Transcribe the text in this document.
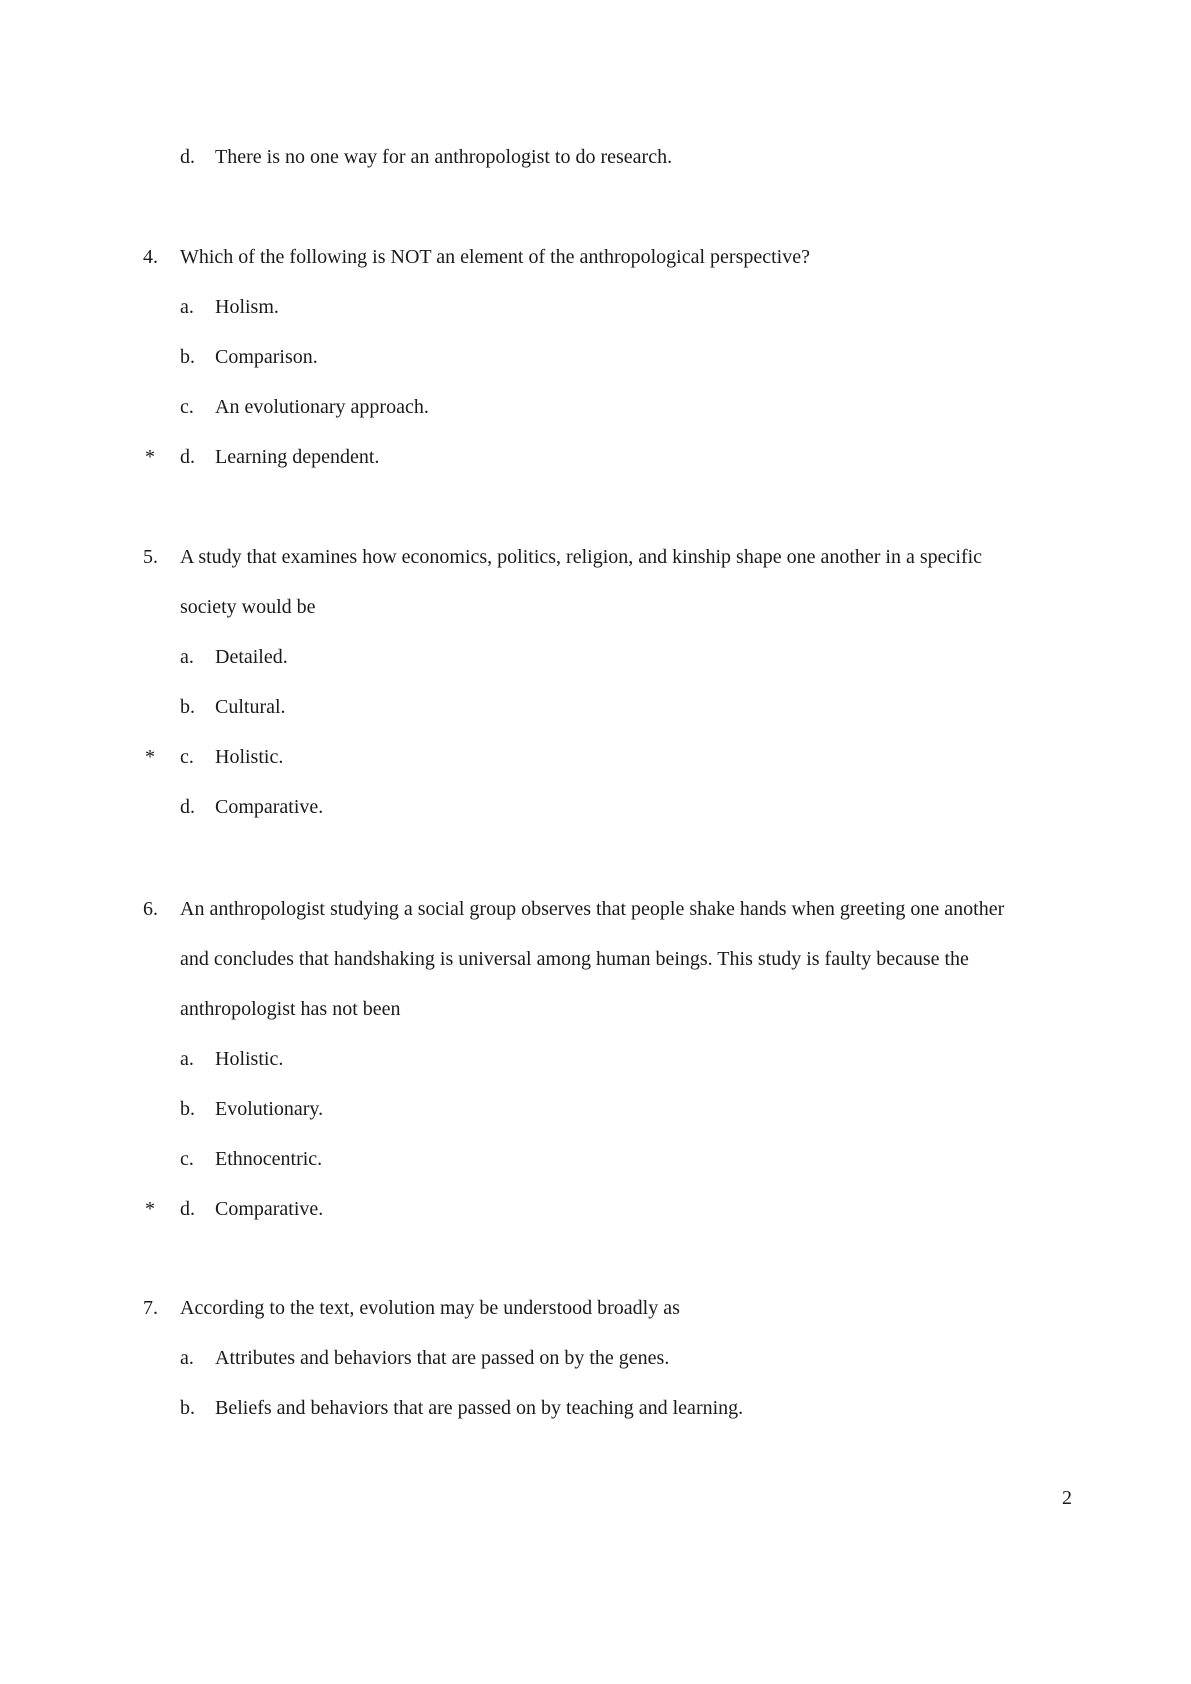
d. There is no one way for an anthropologist to do research.
4.	Which of the following is NOT an element of the anthropological perspective?
a. Holism.
b. Comparison.
c. An evolutionary approach.
* d. Learning dependent.
5.	A study that examines how economics, politics, religion, and kinship shape one another in a specific
society would be
a. Detailed.
b. Cultural.
* c. Holistic.
d. Comparative.
6.	An anthropologist studying a social group observes that people shake hands when greeting one another
and concludes that handshaking is universal among human beings. This study is faulty because the
anthropologist has not been
a. Holistic.
b. Evolutionary.
c. Ethnocentric.
* d. Comparative.
7.	According to the text, evolution may be understood broadly as
a. Attributes and behaviors that are passed on by the genes.
b. Beliefs and behaviors that are passed on by teaching and learning.
2
